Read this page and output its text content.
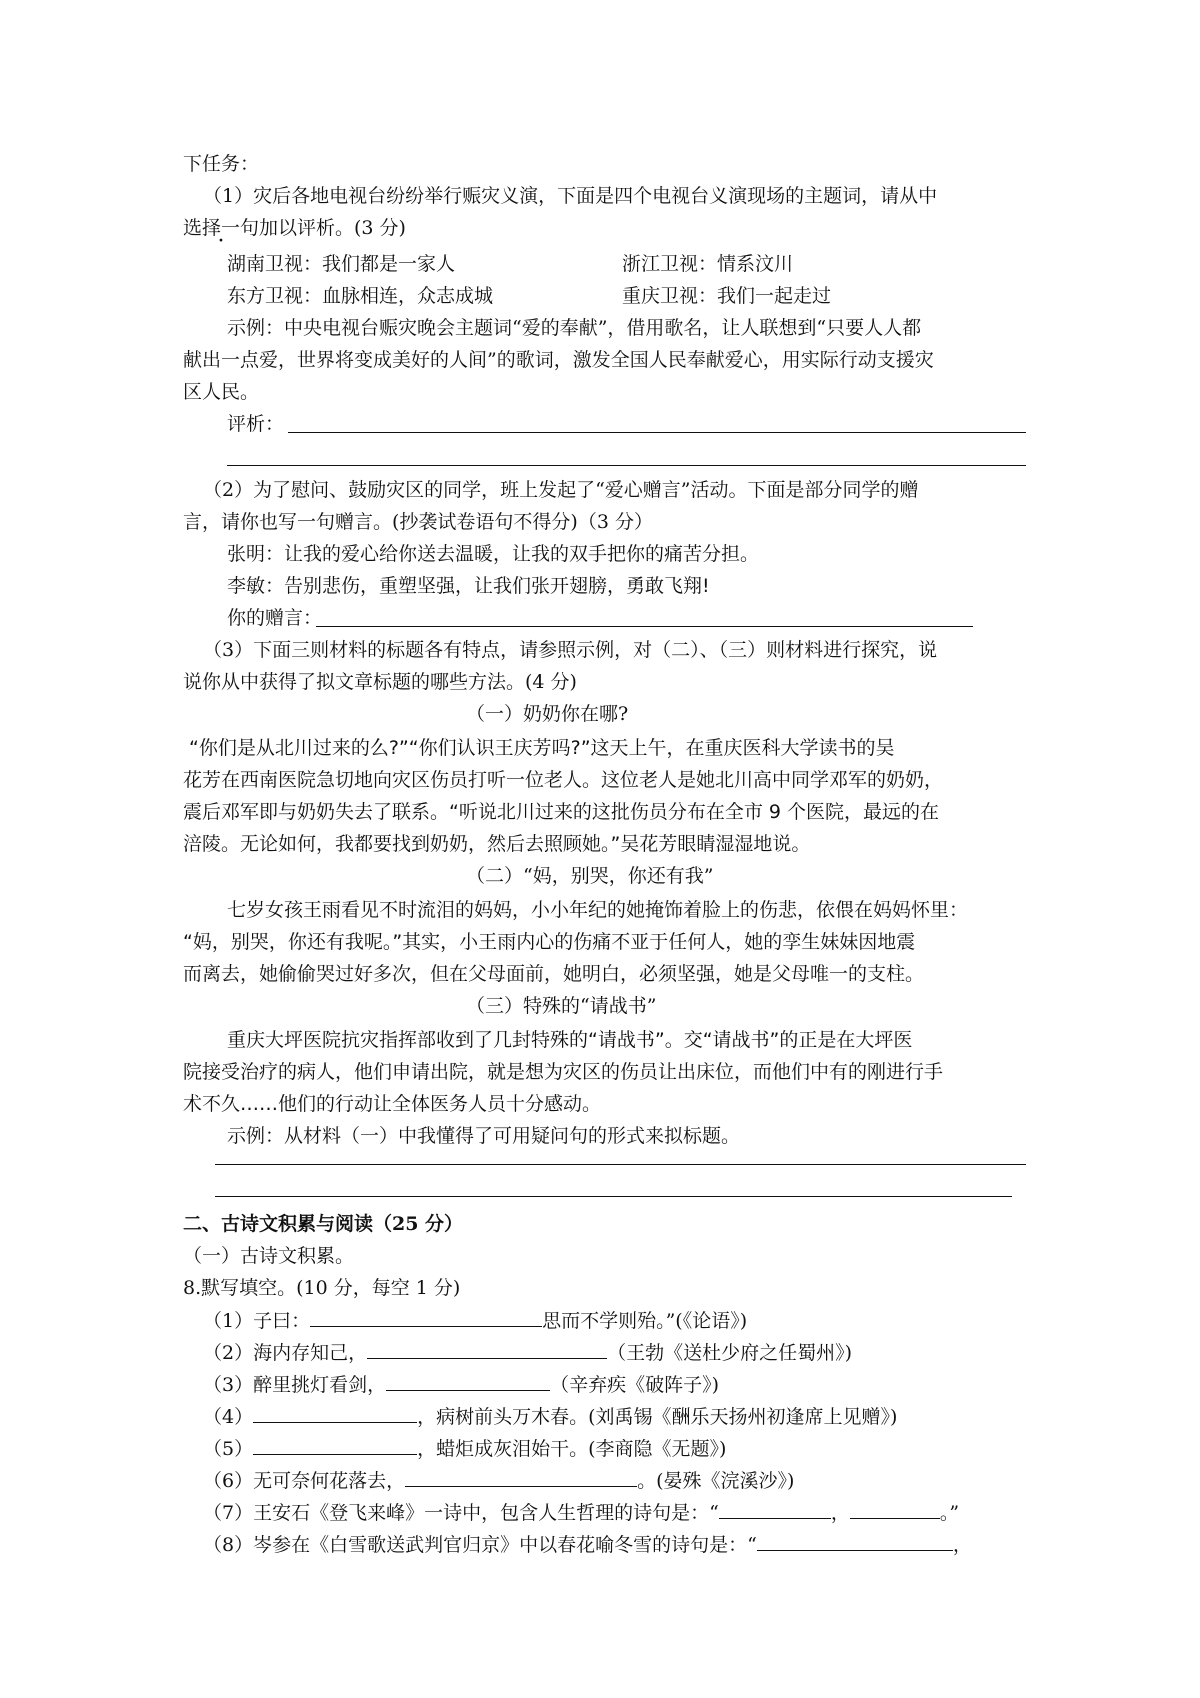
下任务：
（1）灾后各地电视台纷纷举行赈灾义演，下面是四个电视台义演现场的主题词，请从中
选择一句加以评析。(3 分)
湖南卫视：我们都是一家人	浙江卫视：情系汶川
东方卫视：血脉相连，众志成城	重庆卫视：我们一起走过
示例：中央电视台赈灾晚会主题词“爱的奉献”，借用歌名，让人联想到“只要人人都
献出一点爱，世界将变成美好的人间”的歌词，激发全国人民奉献爱心，用实际行动支援灾
区人民。
评析：
（2）为了慰问、鼓励灾区的同学，班上发起了“爱心赠言”活动。下面是部分同学的赠
言，请你也写一句赠言。(抄袭试卷语句不得分)（3 分）
张明：让我的爱心给你送去温暖，让我的双手把你的痛苦分担。
李敏：告别悲伤，重塑坚强，让我们张开翅膀，勇敢飞翔!
你的赠言：
（3）下面三则材料的标题各有特点，请参照示例，对（二）、（三）则材料进行探究，说
说你从中获得了拟文章标题的哪些方法。(4 分)
（一）奶奶你在哪?
“你们是从北川过来的么?”“你们认识王庆芳吗?”这天上午，在重庆医科大学读书的吴
花芳在西南医院急切地向灾区伤员打听一位老人。这位老人是她北川高中同学邓军的奶奶，
震后邓军即与奶奶失去了联系。“听说北川过来的这批伤员分布在全市 9 个医院，最远的在
涪陵。无论如何，我都要找到奶奶，然后去照顾她。”吴花芳眼睛湿湿地说。
（二）“妈，别哭，你还有我”
七岁女孩王雨看见不时流泪的妈妈，小小年纪的她掩饰着脸上的伤悲，依偎在妈妈怀里：
“妈，别哭，你还有我呢。”其实，小王雨内心的伤痛不亚于任何人，她的孪生妹妹因地震
而离去，她偷偷哭过好多次，但在父母面前，她明白，必须坚强，她是父母唯一的支柱。
（三）特殊的“请战书”
重庆大坪医院抗灾指挥部收到了几封特殊的“请战书”。交“请战书”的正是在大坪医
院接受治疗的病人，他们申请出院，就是想为灾区的伤员让出床位，而他们中有的刚进行手
术不久……他们的行动让全体医务人员十分感动。
示例：从材料（一）中我懂得了可用疑问句的形式来拟标题。
二、古诗文积累与阅读（25 分）
（一）古诗文积累。
8.默写填空。(10 分，每空 1 分)
（1）子曰：	思而不学则殆。”(《论语》)
（2）海内存知己，	（王勃《送杜少府之任蜀州》)
（3）醉里挑灯看剑，	（辛弃疾《破阵子》)
（4）	，病树前头万木春。(刘禹锡《酬乐天扬州初逢席上见赠》)
（5）	，蜡炬成灰泪始干。(李商隐《无题》)
（6）无可奈何花落去，	。(晏殊《浣溪沙》)
（7）王安石《登飞来峰》一诗中，包含人生哲理的诗句是：“	，	。”
（8）岑参在《白雪歌送武判官归京》中以春花喻冬雪的诗句是：“	，
